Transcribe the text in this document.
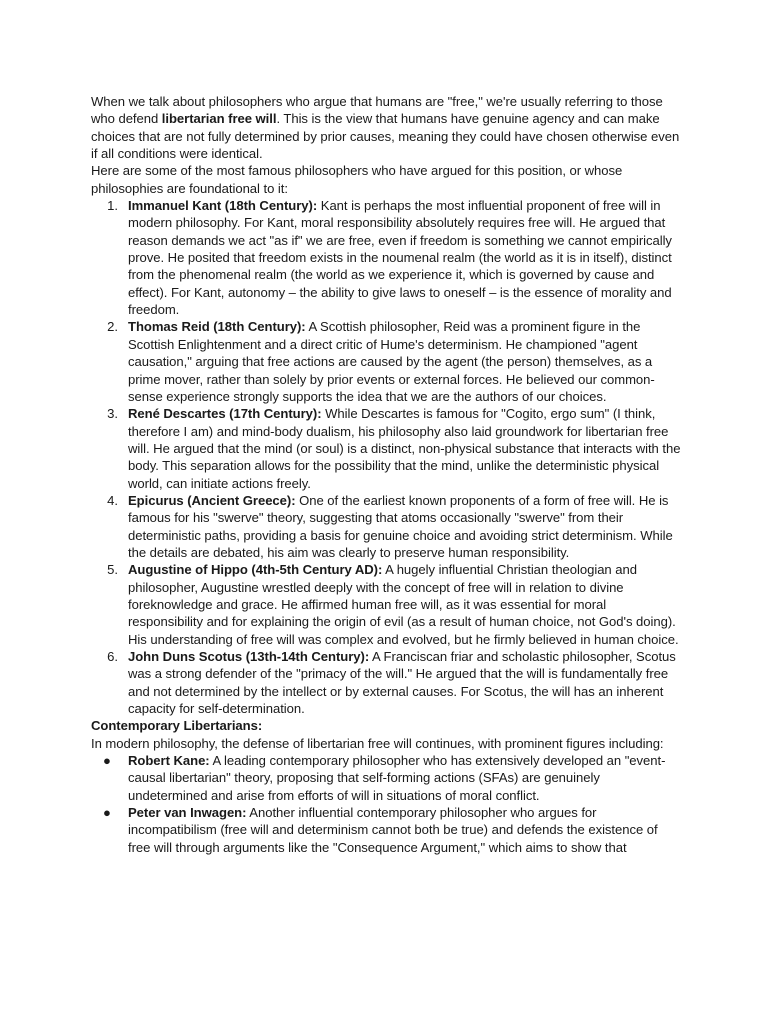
When we talk about philosophers who argue that humans are "free," we're usually referring to those who defend libertarian free will. This is the view that humans have genuine agency and can make choices that are not fully determined by prior causes, meaning they could have chosen otherwise even if all conditions were identical.

Here are some of the most famous philosophers who have argued for this position, or whose philosophies are foundational to it:

1. Immanuel Kant (18th Century): Kant is perhaps the most influential proponent of free will in modern philosophy. For Kant, moral responsibility absolutely requires free will. He argued that reason demands we act "as if" we are free, even if freedom is something we cannot empirically prove. He posited that freedom exists in the noumenal realm (the world as it is in itself), distinct from the phenomenal realm (the world as we experience it, which is governed by cause and effect). For Kant, autonomy – the ability to give laws to oneself – is the essence of morality and freedom.
2. Thomas Reid (18th Century): A Scottish philosopher, Reid was a prominent figure in the Scottish Enlightenment and a direct critic of Hume's determinism. He championed "agent causation," arguing that free actions are caused by the agent (the person) themselves, as a prime mover, rather than solely by prior events or external forces. He believed our common-sense experience strongly supports the idea that we are the authors of our choices.
3. René Descartes (17th Century): While Descartes is famous for "Cogito, ergo sum" (I think, therefore I am) and mind-body dualism, his philosophy also laid groundwork for libertarian free will. He argued that the mind (or soul) is a distinct, non-physical substance that interacts with the body. This separation allows for the possibility that the mind, unlike the deterministic physical world, can initiate actions freely.
4. Epicurus (Ancient Greece): One of the earliest known proponents of a form of free will. He is famous for his "swerve" theory, suggesting that atoms occasionally "swerve" from their deterministic paths, providing a basis for genuine choice and avoiding strict determinism. While the details are debated, his aim was clearly to preserve human responsibility.
5. Augustine of Hippo (4th-5th Century AD): A hugely influential Christian theologian and philosopher, Augustine wrestled deeply with the concept of free will in relation to divine foreknowledge and grace. He affirmed human free will, as it was essential for moral responsibility and for explaining the origin of evil (as a result of human choice, not God's doing). His understanding of free will was complex and evolved, but he firmly believed in human choice.
6. John Duns Scotus (13th-14th Century): A Franciscan friar and scholastic philosopher, Scotus was a strong defender of the "primacy of the will." He argued that the will is fundamentally free and not determined by the intellect or by external causes. For Scotus, the will has an inherent capacity for self-determination.

Contemporary Libertarians:

In modern philosophy, the defense of libertarian free will continues, with prominent figures including:

● Robert Kane: A leading contemporary philosopher who has extensively developed an "event-causal libertarian" theory, proposing that self-forming actions (SFAs) are genuinely undetermined and arise from efforts of will in situations of moral conflict.
● Peter van Inwagen: Another influential contemporary philosopher who argues for incompatibilism (free will and determinism cannot both be true) and defends the existence of free will through arguments like the "Consequence Argument," which aims to show that
